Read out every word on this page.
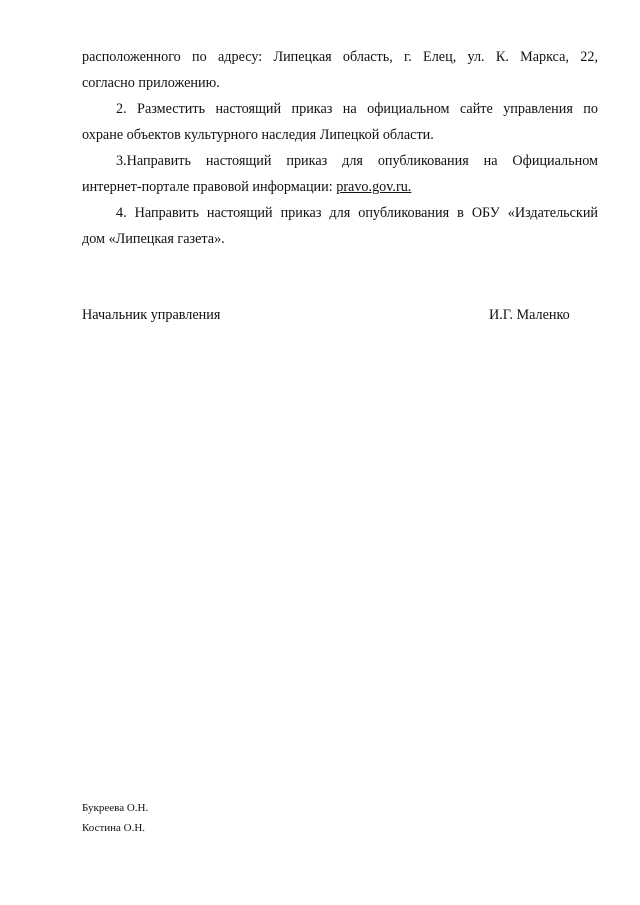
расположенного по адресу: Липецкая область, г. Елец, ул. К. Маркса, 22,
согласно приложению.

2. Разместить настоящий приказ на официальном сайте управления по
охране объектов культурного наследия Липецкой области.

3.Направить настоящий приказ для опубликования на Официальном
интернет-портале правовой информации: pravo.gov.ru.

4. Направить настоящий приказ для опубликования в ОБУ «Издательский
дом «Липецкая газета».

Начальник управления	И.Г. Маленко
Букреева О.Н.
Костина О.Н.
